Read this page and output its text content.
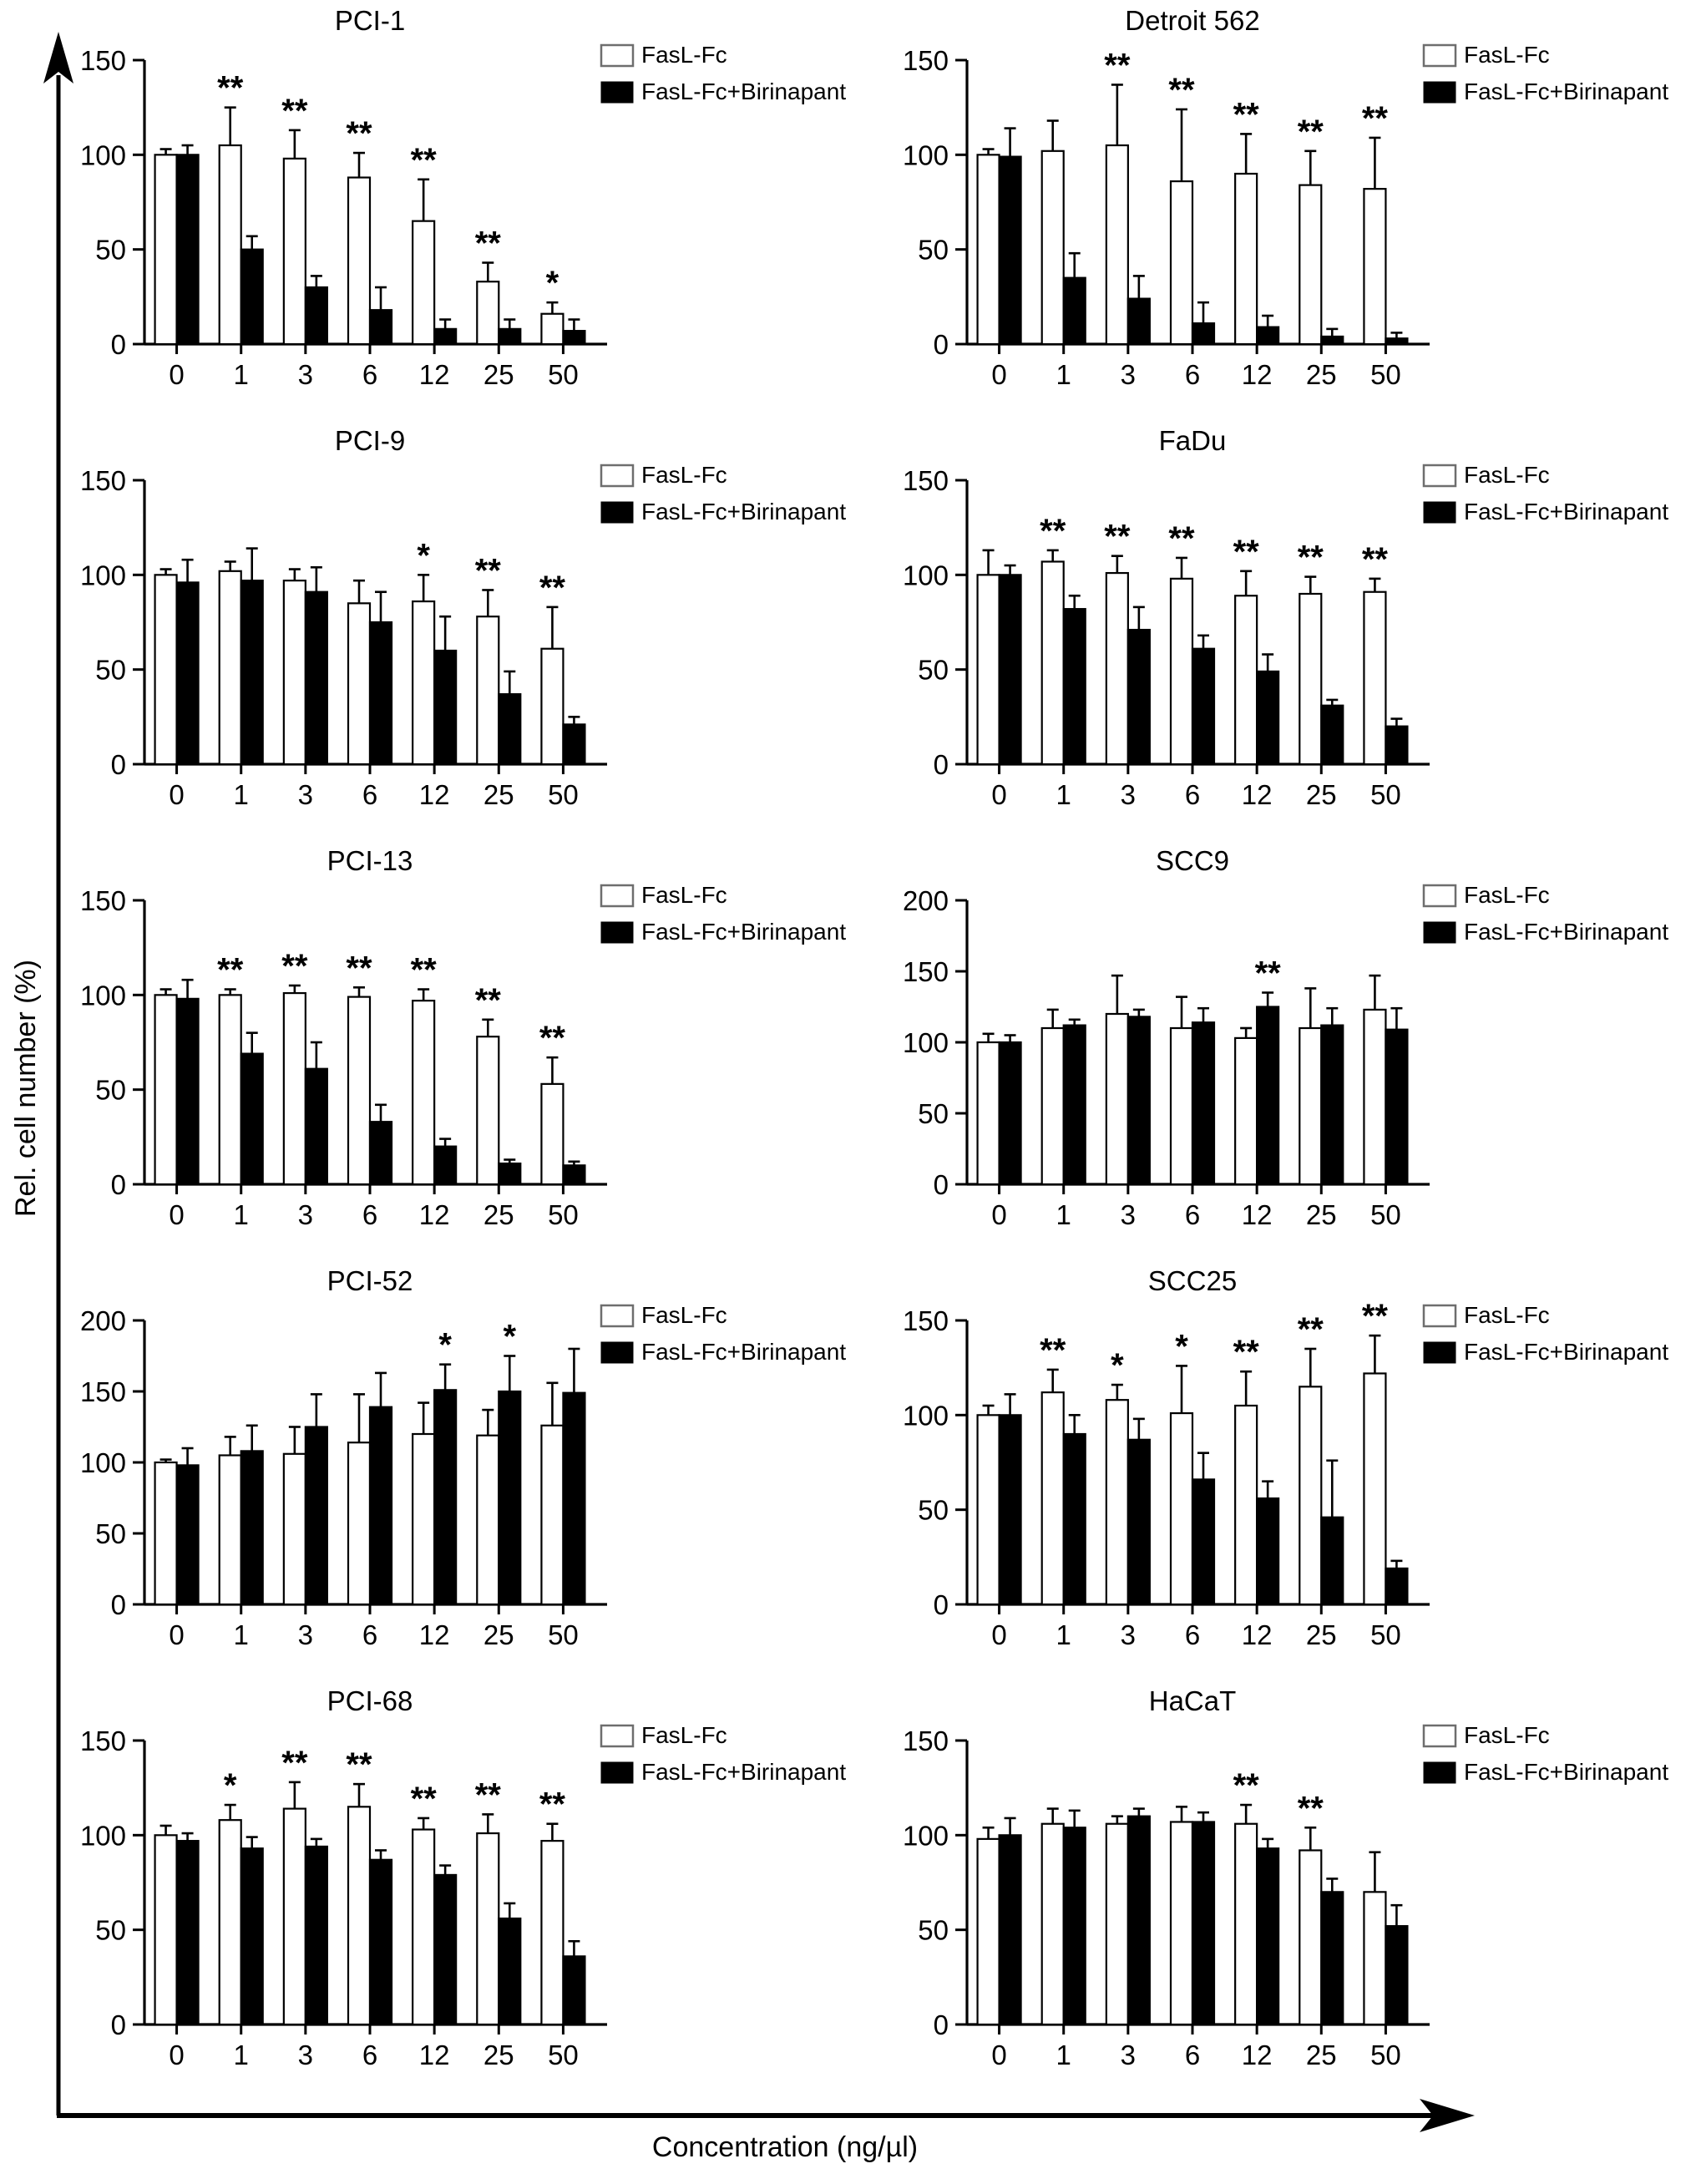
Rel. cell number (%)
PCI-1
0
50
100
150
0 1 3 6 12 25 50
**
**
**
**
**
*
FasL-Fc
FasL-Fc+Birinapant
Detroit 562
0
50
100
150
0 1 3 6 12 25 50
**
**
** ** **
FasL-Fc
FasL-Fc+Birinapant
PCI-9
0
50
100
150
0 1 3 6 12 25 50
* ** **
FasL-Fc
FasL-Fc+Birinapant
FaDu
0
50
100
150
0 1 3 6 12 25 50
** ** ** ** ** **
FasL-Fc
FasL-Fc+Birinapant
PCI-13
0
50
100
150
0 1 3 6 12 25 50
** ** ** **
**
**
FasL-Fc
FasL-Fc+Birinapant
SCC9
0
50
100
150
200
0 1 3 6 12 25 50
**
FasL-Fc
FasL-Fc+Birinapant
PCI-52
0
50
100
150
200
0 1 3 6 12 25 50
* *
FasL-Fc
FasL-Fc+Birinapant
SCC25
0
50
100
150
0 1 3 6 12 25 50
** *
* **
** **	FasL-Fc
FasL-Fc+Birinapant
PCI-68
0
50
100
150
0 1 3 6 12 25 50
*
** **
** ** **
FasL-Fc
FasL-Fc+Birinapant
HaCaT
0
50
100
150
0 1 3 6 12 25 50
**
**
FasL-Fc
FasL-Fc+Birinapant
Concentration (ng/µl)
